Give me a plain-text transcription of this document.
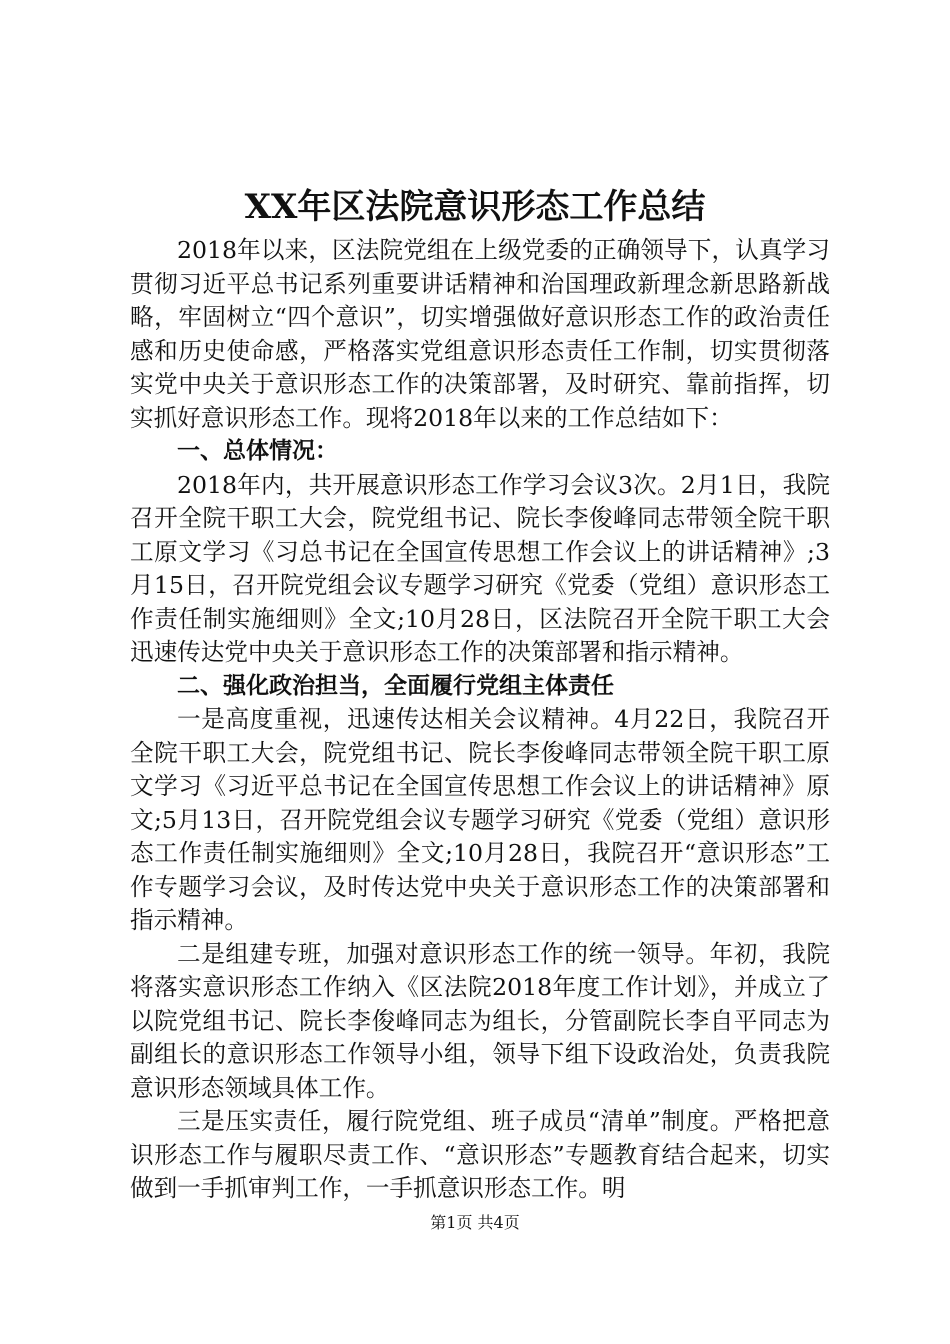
XX年区法院意识形态工作总结

2018年以来，区法院党组在上级党委的正确领导下，认真学习贯彻习近平总书记系列重要讲话精神和治国理政新理念新思路新战略，牢固树立“四个意识”，切实增强做好意识形态工作的政治责任感和历史使命感，严格落实党组意识形态责任工作制，切实贯彻落实党中央关于意识形态工作的决策部署，及时研究、靠前指挥，切实抓好意识形态工作。现将2018年以来的工作总结如下：

一、总体情况：

2018年内，共开展意识形态工作学习会议3次。2月1日，我院召开全院干职工大会，院党组书记、院长李俊峰同志带领全院干职工原文学习《习总书记在全国宣传思想工作会议上的讲话精神》;3月15日，召开院党组会议专题学习研究《党委（党组）意识形态工作责任制实施细则》全文;10月28日，区法院召开全院干职工大会迅速传达党中央关于意识形态工作的决策部署和指示精神。

二、强化政治担当，全面履行党组主体责任

一是高度重视，迅速传达相关会议精神。4月22日，我院召开全院干职工大会，院党组书记、院长李俊峰同志带领全院干职工原文学习《习近平总书记在全国宣传思想工作会议上的讲话精神》原文;5月13日，召开院党组会议专题学习研究《党委（党组）意识形态工作责任制实施细则》全文;10月28日，我院召开“意识形态”工作专题学习会议，及时传达党中央关于意识形态工作的决策部署和指示精神。

二是组建专班，加强对意识形态工作的统一领导。年初，我院将落实意识形态工作纳入《区法院2018年度工作计划》，并成立了以院党组书记、院长李俊峰同志为组长，分管副院长李自平同志为副组长的意识形态工作领导小组，领导下组下设政治处，负责我院意识形态领域具体工作。

三是压实责任，履行院党组、班子成员“清单”制度。严格把意识形态工作与履职尽责工作、“意识形态”专题教育结合起来，切实做到一手抓审判工作，一手抓意识形态工作。明

第1页 共4页
